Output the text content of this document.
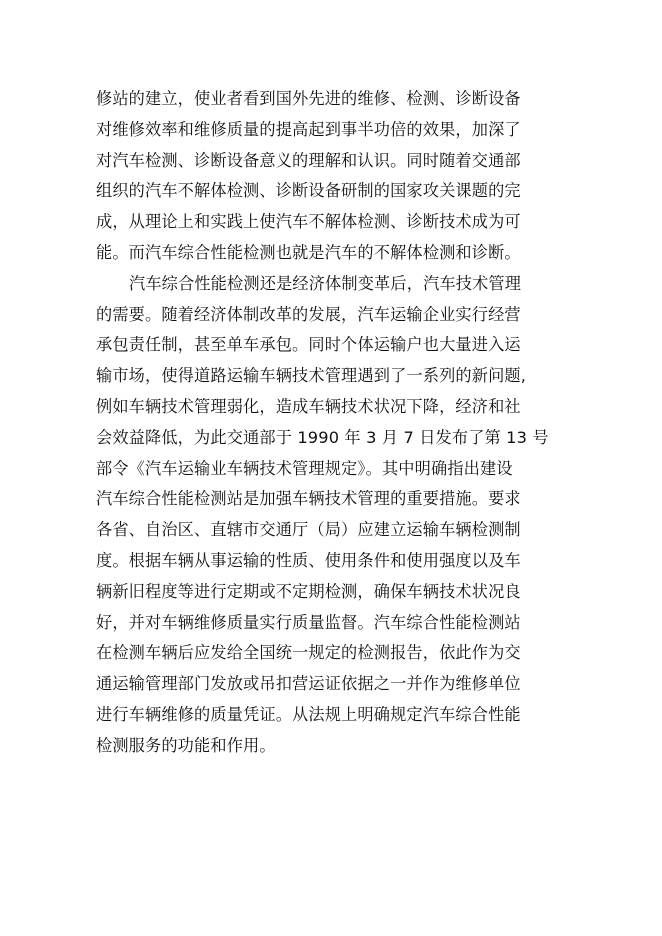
修站的建立，使业者看到国外先进的维修、检测、诊断设备
对维修效率和维修质量的提高起到事半功倍的效果，加深了
对汽车检测、诊断设备意义的理解和认识。同时随着交通部
组织的汽车不解体检测、诊断设备研制的国家攻关课题的完
成，从理论上和实践上使汽车不解体检测、诊断技术成为可
能。而汽车综合性能检测也就是汽车的不解体检测和诊断。
汽车综合性能检测还是经济体制变革后，汽车技术管理
的需要。随着经济体制改革的发展，汽车运输企业实行经营
承包责任制，甚至单车承包。同时个体运输户也大量进入运
输市场，使得道路运输车辆技术管理遇到了一系列的新问题,
例如车辆技术管理弱化，造成车辆技术状况下降，经济和社
会效益降低，为此交通部于 1990 年 3 月 7 日发布了第 13 号
部令《汽车运输业车辆技术管理规定》。其中明确指出建设
汽车综合性能检测站是加强车辆技术管理的重要措施。要求
各省、自治区、直辖市交通厅（局）应建立运输车辆检测制
度。根据车辆从事运输的性质、使用条件和使用强度以及车
辆新旧程度等进行定期或不定期检测，确保车辆技术状况良
好，并对车辆维修质量实行质量监督。汽车综合性能检测站
在检测车辆后应发给全国统一规定的检测报告，依此作为交
通运输管理部门发放或吊扣营运证依据之一并作为维修单位
进行车辆维修的质量凭证。从法规上明确规定汽车综合性能
检测服务的功能和作用。
